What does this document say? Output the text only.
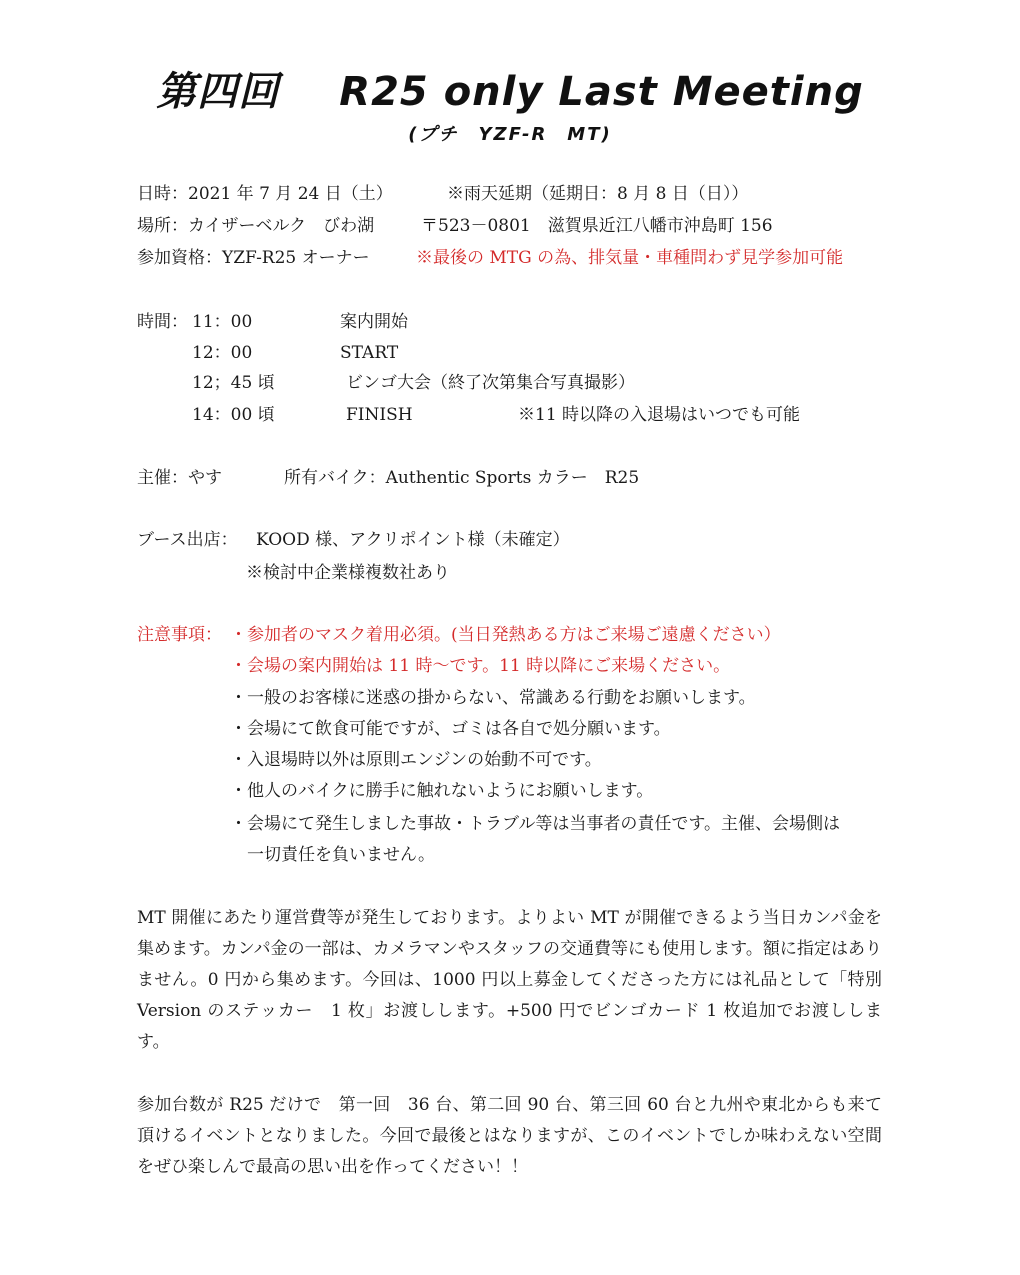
第四回 R25 only Last Meeting
(プチ　YZF-R　MT)
日時：2021 年 7 月 24 日（土）	※雨天延期（延期日：8 月 8 日（日））
場所：カイザーベルク　びわ湖	〒523－0801　滋賀県近江八幡市沖島町 156
参加資格：YZF-R25 オーナー	※最後の MTG の為、排気量・車種問わず見学参加可能
時間： 11：00	案内開始
12：00	START
12；45 頃	ビンゴ大会（終了次第集合写真撮影）
14：00 頃	FINISH	※11 時以降の入退場はいつでも可能
主催：やす	所有バイク：Authentic Sports カラー　R25
ブース出店： KOOD 様、アクリポイント様（未確定）
※検討中企業様複数社あり
注意事項： ・参加者のマスク着用必須。(当日発熱ある方はご来場ご遠慮ください）
・会場の案内開始は 11 時～です。11 時以降にご来場ください。
・一般のお客様に迷惑の掛からない、常識ある行動をお願いします。
・会場にて飲食可能ですが、ゴミは各自で処分願います。
・入退場時以外は原則エンジンの始動不可です。
・他人のバイクに勝手に触れないようにお願いします。
・会場にて発生しました事故・トラブル等は当事者の責任です。主催、会場側は
　一切責任を負いません。
MT 開催にあたり運営費等が発生しております。よりよい MT が開催できるよう当日カンパ金を集めます。カンパ金の一部は、カメラマンやスタッフの交通費等にも使用します。額に指定はありません。0 円から集めます。今回は、1000 円以上募金してくださった方には礼品として「特別 Version のステッカー　1 枚」お渡しします。+500 円でビンゴカード 1 枚追加でお渡しします。
参加台数が R25 だけで　第一回　36 台、第二回 90 台、第三回 60 台と九州や東北からも来て頂けるイベントとなりました。今回で最後とはなりますが、このイベントでしか味わえない空間をぜひ楽しんで最高の思い出を作ってください！！
